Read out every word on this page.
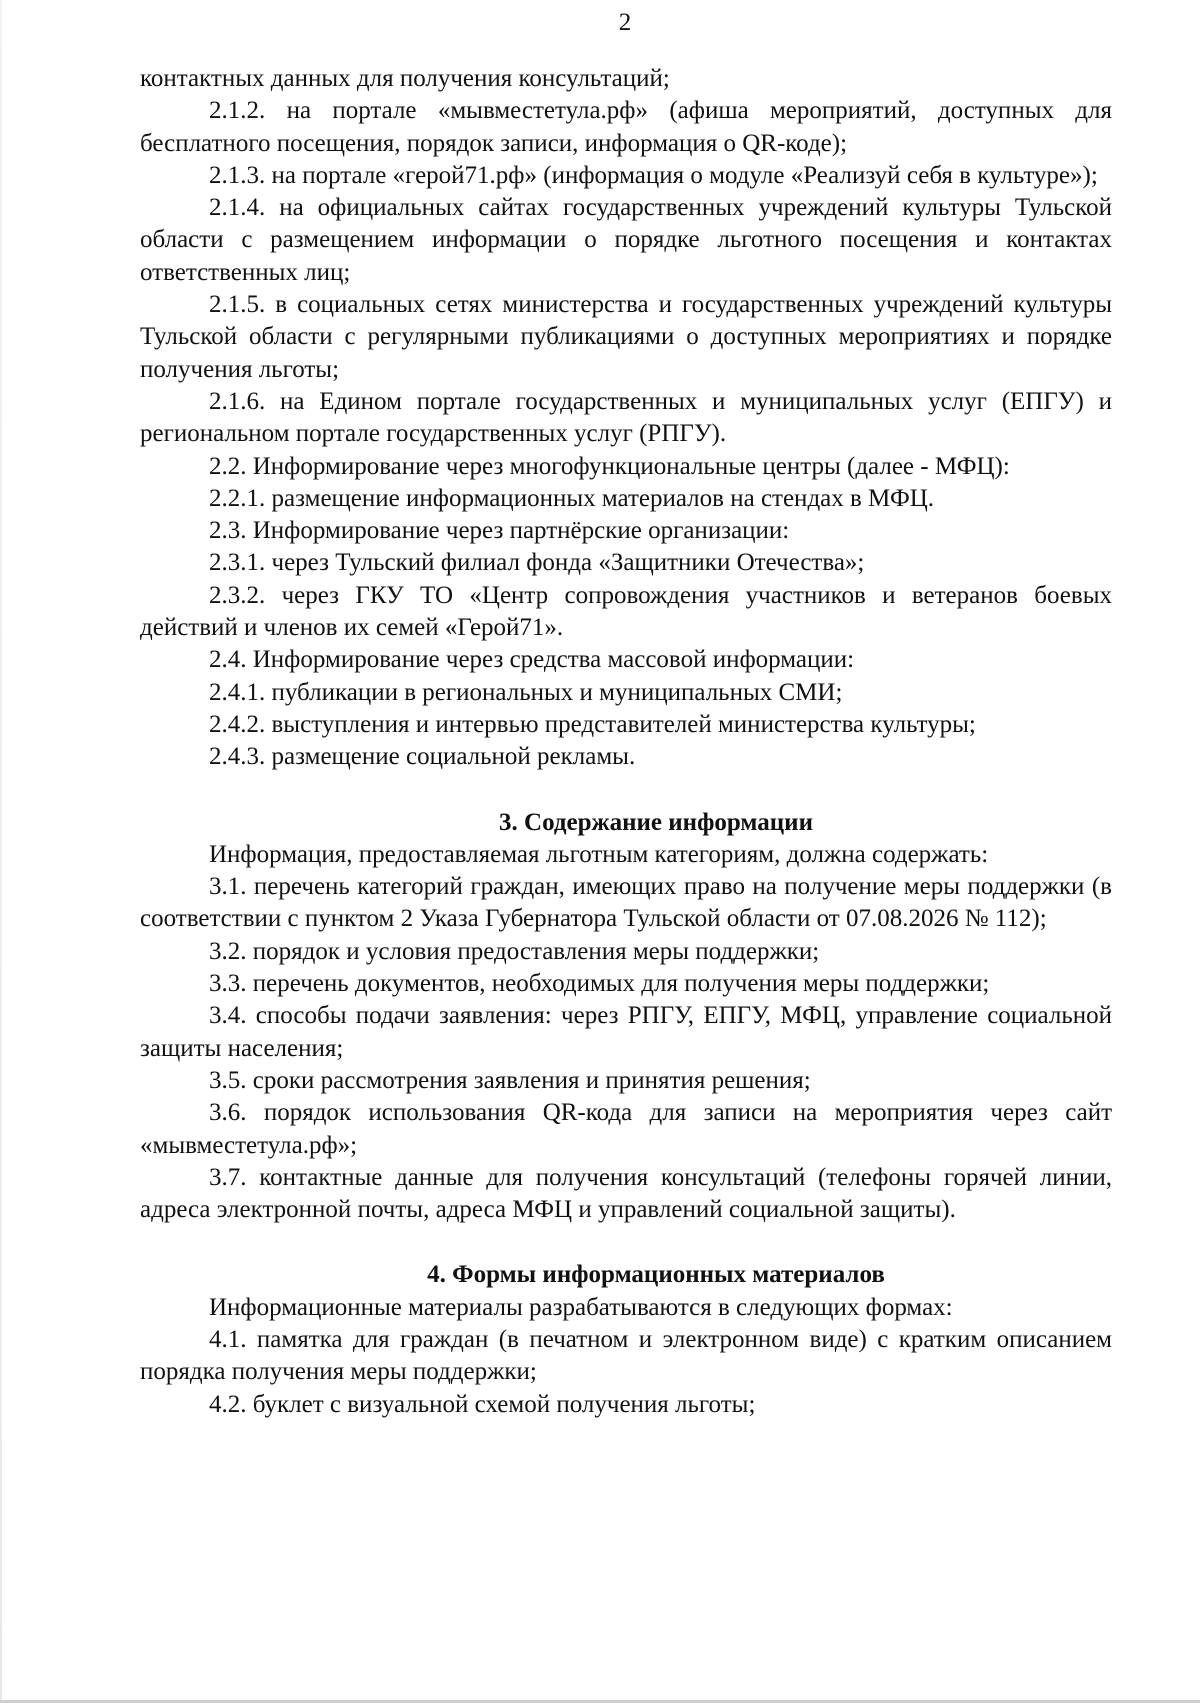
2

контактных данных для получения консультаций;

2.1.2. на портале «мывместетула.рф» (афиша мероприятий, доступных для бесплатного посещения, порядок записи, информация о QR-коде);

2.1.3. на портале «герой71.рф» (информация о модуле «Реализуй себя в культуре»);

2.1.4. на официальных сайтах государственных учреждений культуры Тульской области с размещением информации о порядке льготного посещения и контактах ответственных лиц;

2.1.5. в социальных сетях министерства и государственных учреждений культуры Тульской области с регулярными публикациями о доступных мероприятиях и порядке получения льготы;

2.1.6. на Едином портале государственных и муниципальных услуг (ЕПГУ) и региональном портале государственных услуг (РПГУ).

2.2. Информирование через многофункциональные центры (далее - МФЦ):

2.2.1. размещение информационных материалов на стендах в МФЦ.

2.3. Информирование через партнёрские организации:

2.3.1. через Тульский филиал фонда «Защитники Отечества»;

2.3.2. через ГКУ ТО «Центр сопровождения участников и ветеранов боевых действий и членов их семей «Герой71».

2.4. Информирование через средства массовой информации:

2.4.1. публикации в региональных и муниципальных СМИ;

2.4.2. выступления и интервью представителей министерства культуры;

2.4.3. размещение социальной рекламы.

3. Содержание информации

Информация, предоставляемая льготным категориям, должна содержать:

3.1. перечень категорий граждан, имеющих право на получение меры поддержки (в соответствии с пунктом 2 Указа Губернатора Тульской области от 07.08.2026 № 112);

3.2. порядок и условия предоставления меры поддержки;

3.3. перечень документов, необходимых для получения меры поддержки;

3.4. способы подачи заявления: через РПГУ, ЕПГУ, МФЦ, управление социальной защиты населения;

3.5. сроки рассмотрения заявления и принятия решения;

3.6. порядок использования QR-кода для записи на мероприятия через сайт «мывместетула.рф»;

3.7. контактные данные для получения консультаций (телефоны горячей линии, адреса электронной почты, адреса МФЦ и управлений социальной защиты).

4. Формы информационных материалов

Информационные материалы разрабатываются в следующих формах:

4.1. памятка для граждан (в печатном и электронном виде) с кратким описанием порядка получения меры поддержки;

4.2. буклет с визуальной схемой получения льготы;
